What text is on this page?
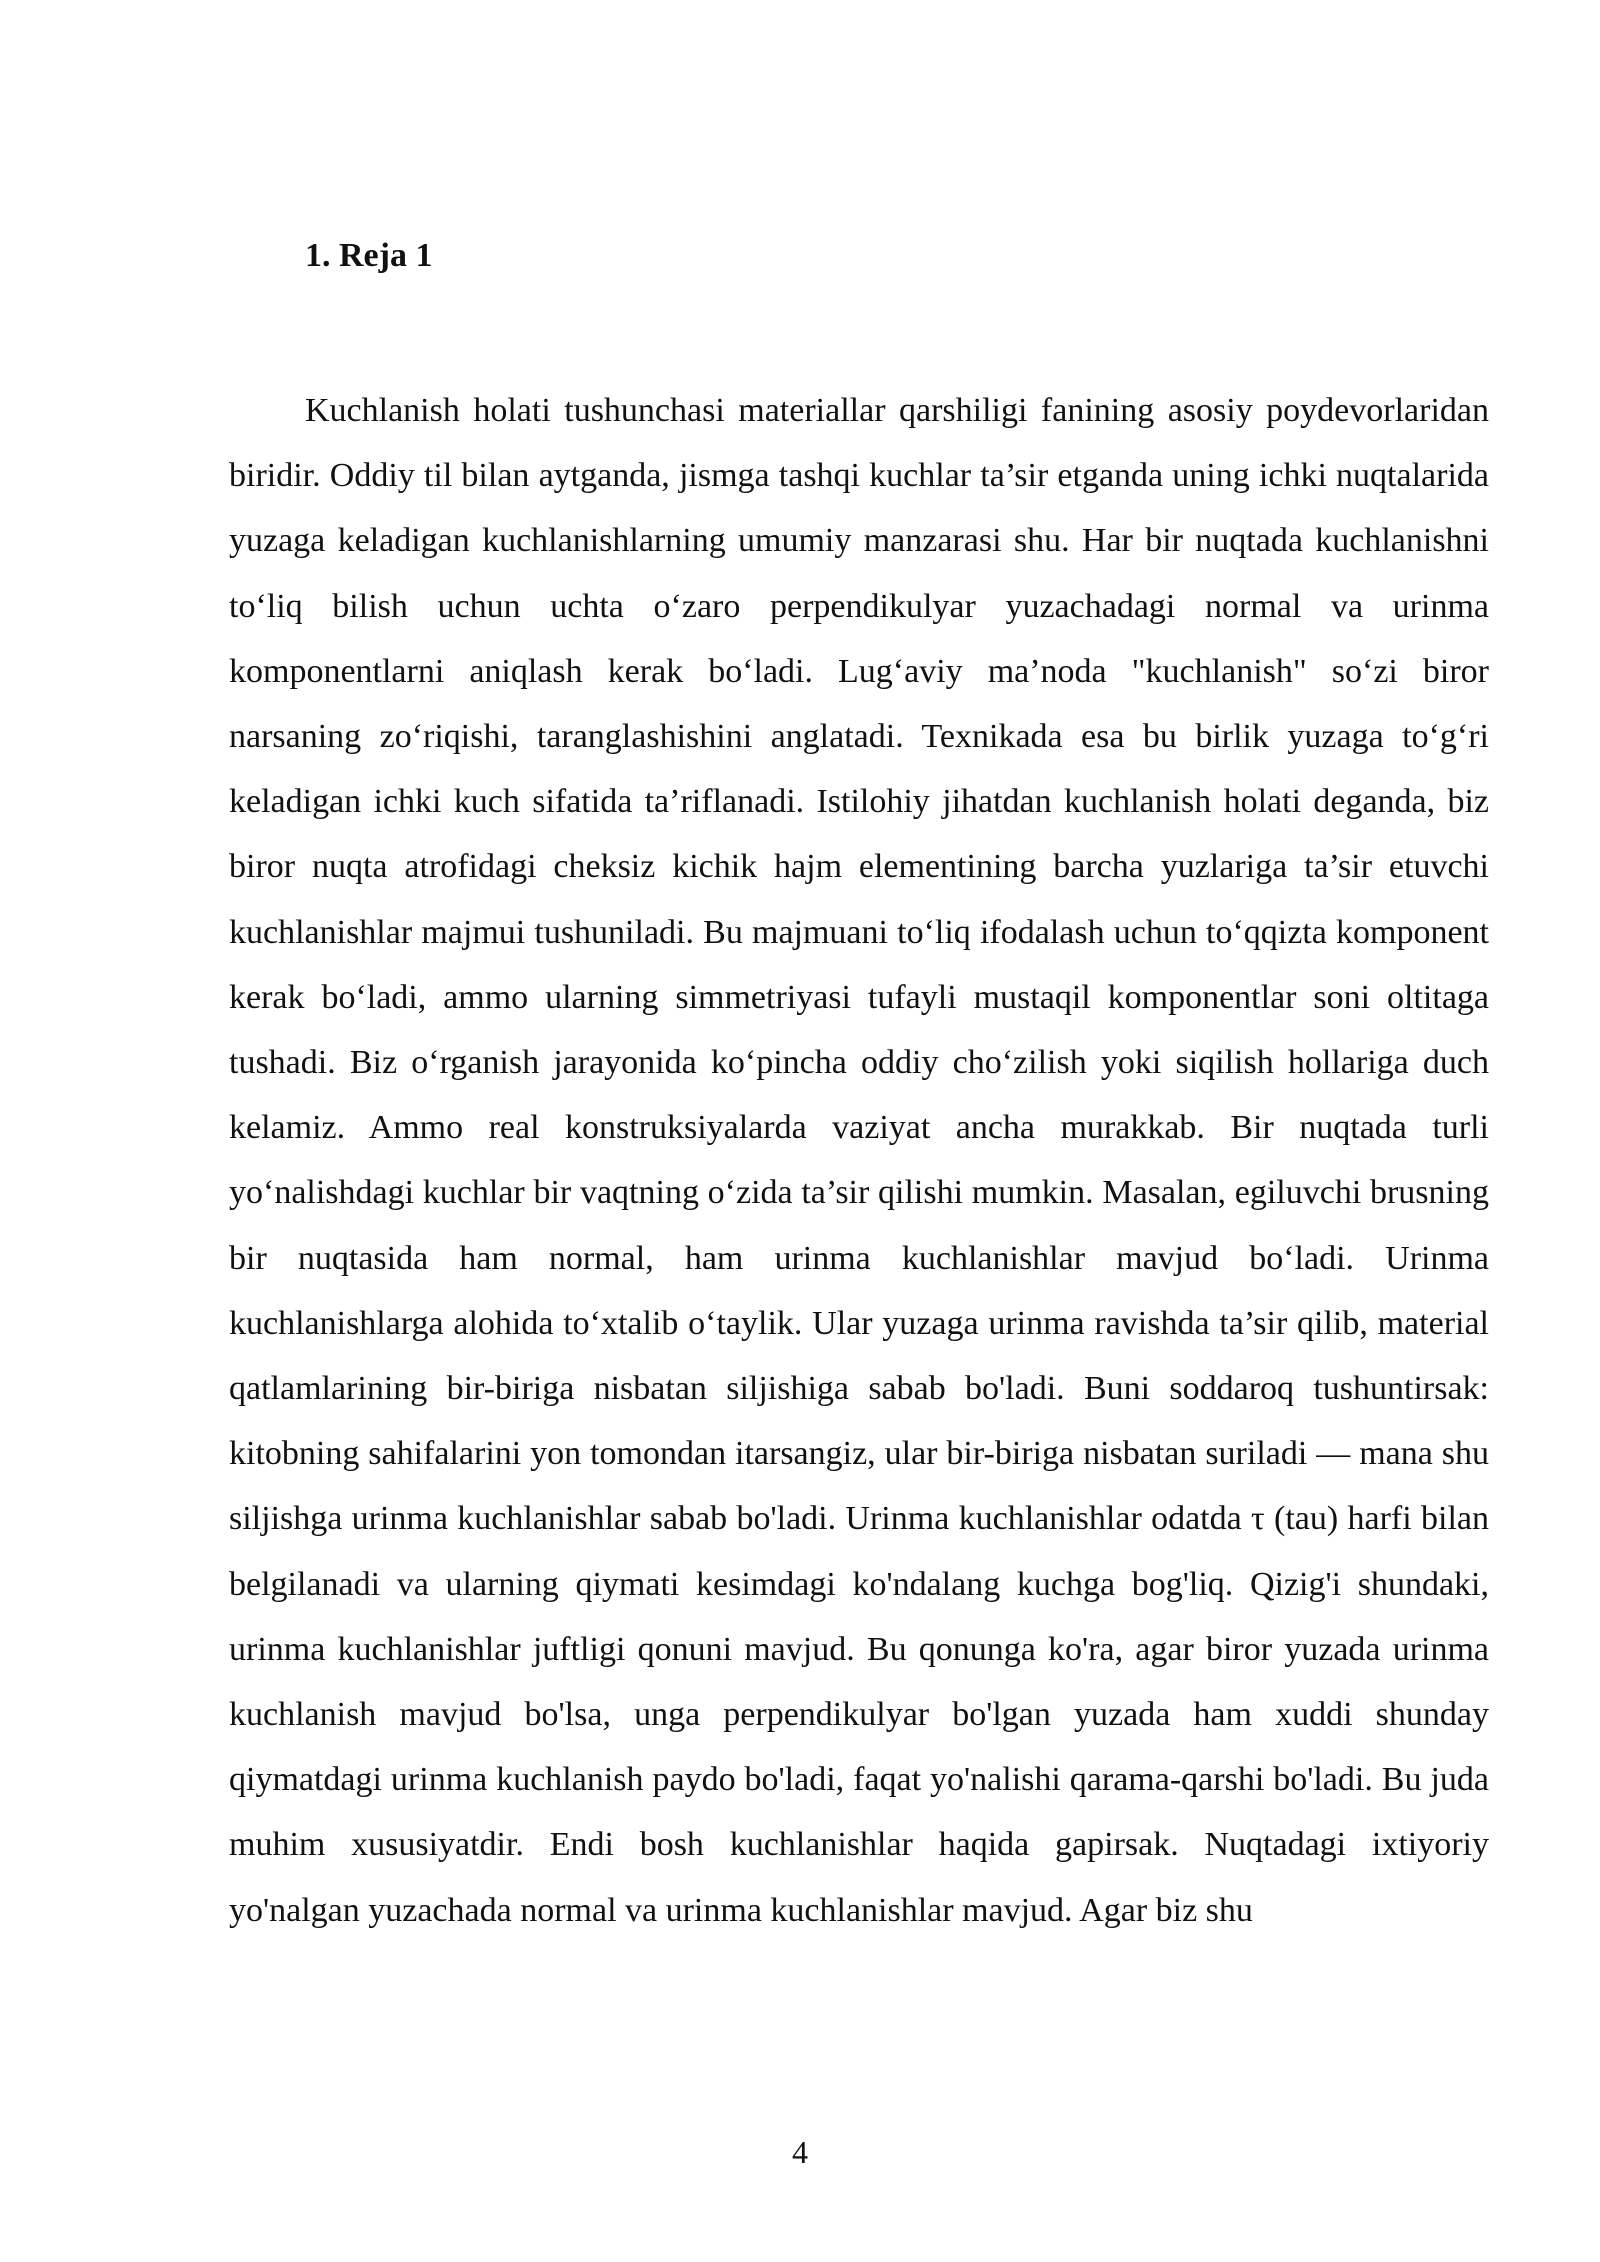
1. Reja 1

Kuchlanish holati tushunchasi materiallar qarshiligi fanining asosiy poydevorlaridan biridir. Oddiy til bilan aytganda, jismga tashqi kuchlar ta’sir etganda uning ichki nuqtalarida yuzaga keladigan kuchlanishlarning umumiy manzarasi shu. Har bir nuqtada kuchlanishni to‘liq bilish uchun uchta o‘zaro perpendikulyar yuzachadagi normal va urinma komponentlarni aniqlash kerak bo‘ladi. Lug‘aviy ma’noda "kuchlanish" so‘zi biror narsaning zo‘riqishi, taranglashishini anglatadi. Texnikada esa bu birlik yuzaga to‘g‘ri keladigan ichki kuch sifatida ta’riflanadi. Istilohiy jihatdan kuchlanish holati deganda, biz biror nuqta atrofidagi cheksiz kichik hajm elementining barcha yuzlariga ta’sir etuvchi kuchlanishlar majmui tushuniladi. Bu majmuani to‘liq ifodalash uchun to‘qqizta komponent kerak bo‘ladi, ammo ularning simmetriyasi tufayli mustaqil komponentlar soni oltitaga tushadi. Biz o‘rganish jarayonida ko‘pincha oddiy cho‘zilish yoki siqilish hollariga duch kelamiz. Ammo real konstruksiyalarda vaziyat ancha murakkab. Bir nuqtada turli yo‘nalishdagi kuchlar bir vaqtning o‘zida ta’sir qilishi mumkin. Masalan, egiluvchi brusning bir nuqtasida ham normal, ham urinma kuchlanishlar mavjud bo‘ladi. Urinma kuchlanishlarga alohida to‘xtalib o‘taylik. Ular yuzaga urinma ravishda ta’sir qilib, material qatlamlarining bir-biriga nisbatan siljishiga sabab bo'ladi. Buni soddaroq tushuntirsak: kitobning sahifalarini yon tomondan itarsangiz, ular bir-biriga nisbatan suriladi — mana shu siljishga urinma kuchlanishlar sabab bo'ladi. Urinma kuchlanishlar odatda τ (tau) harfi bilan belgilanadi va ularning qiymati kesimdagi ko'ndalang kuchga bog'liq. Qizig'i shundaki, urinma kuchlanishlar juftligi qonuni mavjud. Bu qonunga ko'ra, agar biror yuzada urinma kuchlanish mavjud bo'lsa, unga perpendikulyar bo'lgan yuzada ham xuddi shunday qiymatdagi urinma kuchlanish paydo bo'ladi, faqat yo'nalishi qarama-qarshi bo'ladi. Bu juda muhim xususiyatdir. Endi bosh kuchlanishlar haqida gapirsak. Nuqtadagi ixtiyoriy yo'nalgan yuzachada normal va urinma kuchlanishlar mavjud. Agar biz shu

4
